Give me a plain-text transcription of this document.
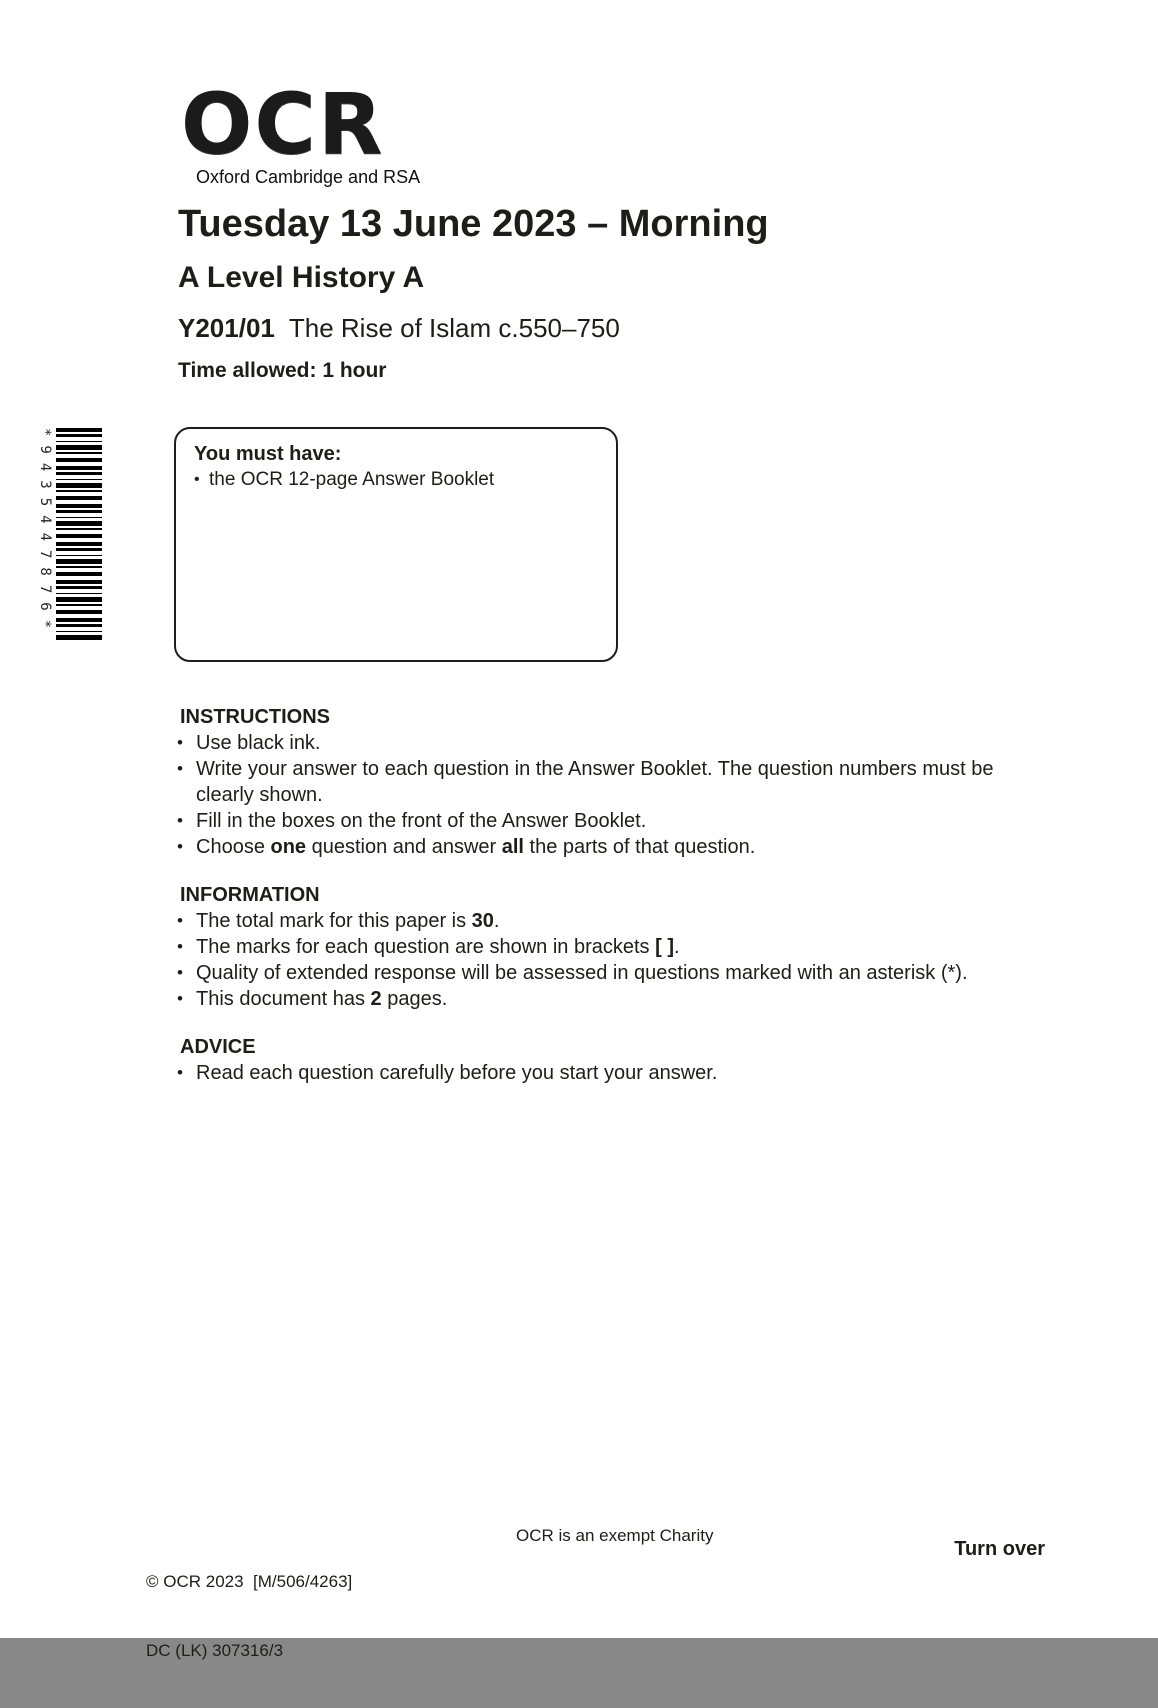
OCR
Oxford Cambridge and RSA
Tuesday 13 June 2023 – Morning
A Level History A
Y201/01 The Rise of Islam c.550–750
Time allowed: 1 hour
*9435447876*	You must have:
• the OCR 12-page Answer Booklet
INSTRUCTIONS
• Use black ink.
• Write your answer to each question in the Answer Booklet. The question numbers must be clearly shown.
• Fill in the boxes on the front of the Answer Booklet.
• Choose one question and answer all the parts of that question.
INFORMATION
• The total mark for this paper is 30.
• The marks for each question are shown in brackets [ ].
• Quality of extended response will be assessed in questions marked with an asterisk (*).
• This document has 2 pages.
ADVICE
• Read each question carefully before you start your answer.

© OCR 2023  [M/506/4263]

DC (LK) 307316/3

OCR is an exempt Charity
Turn over
